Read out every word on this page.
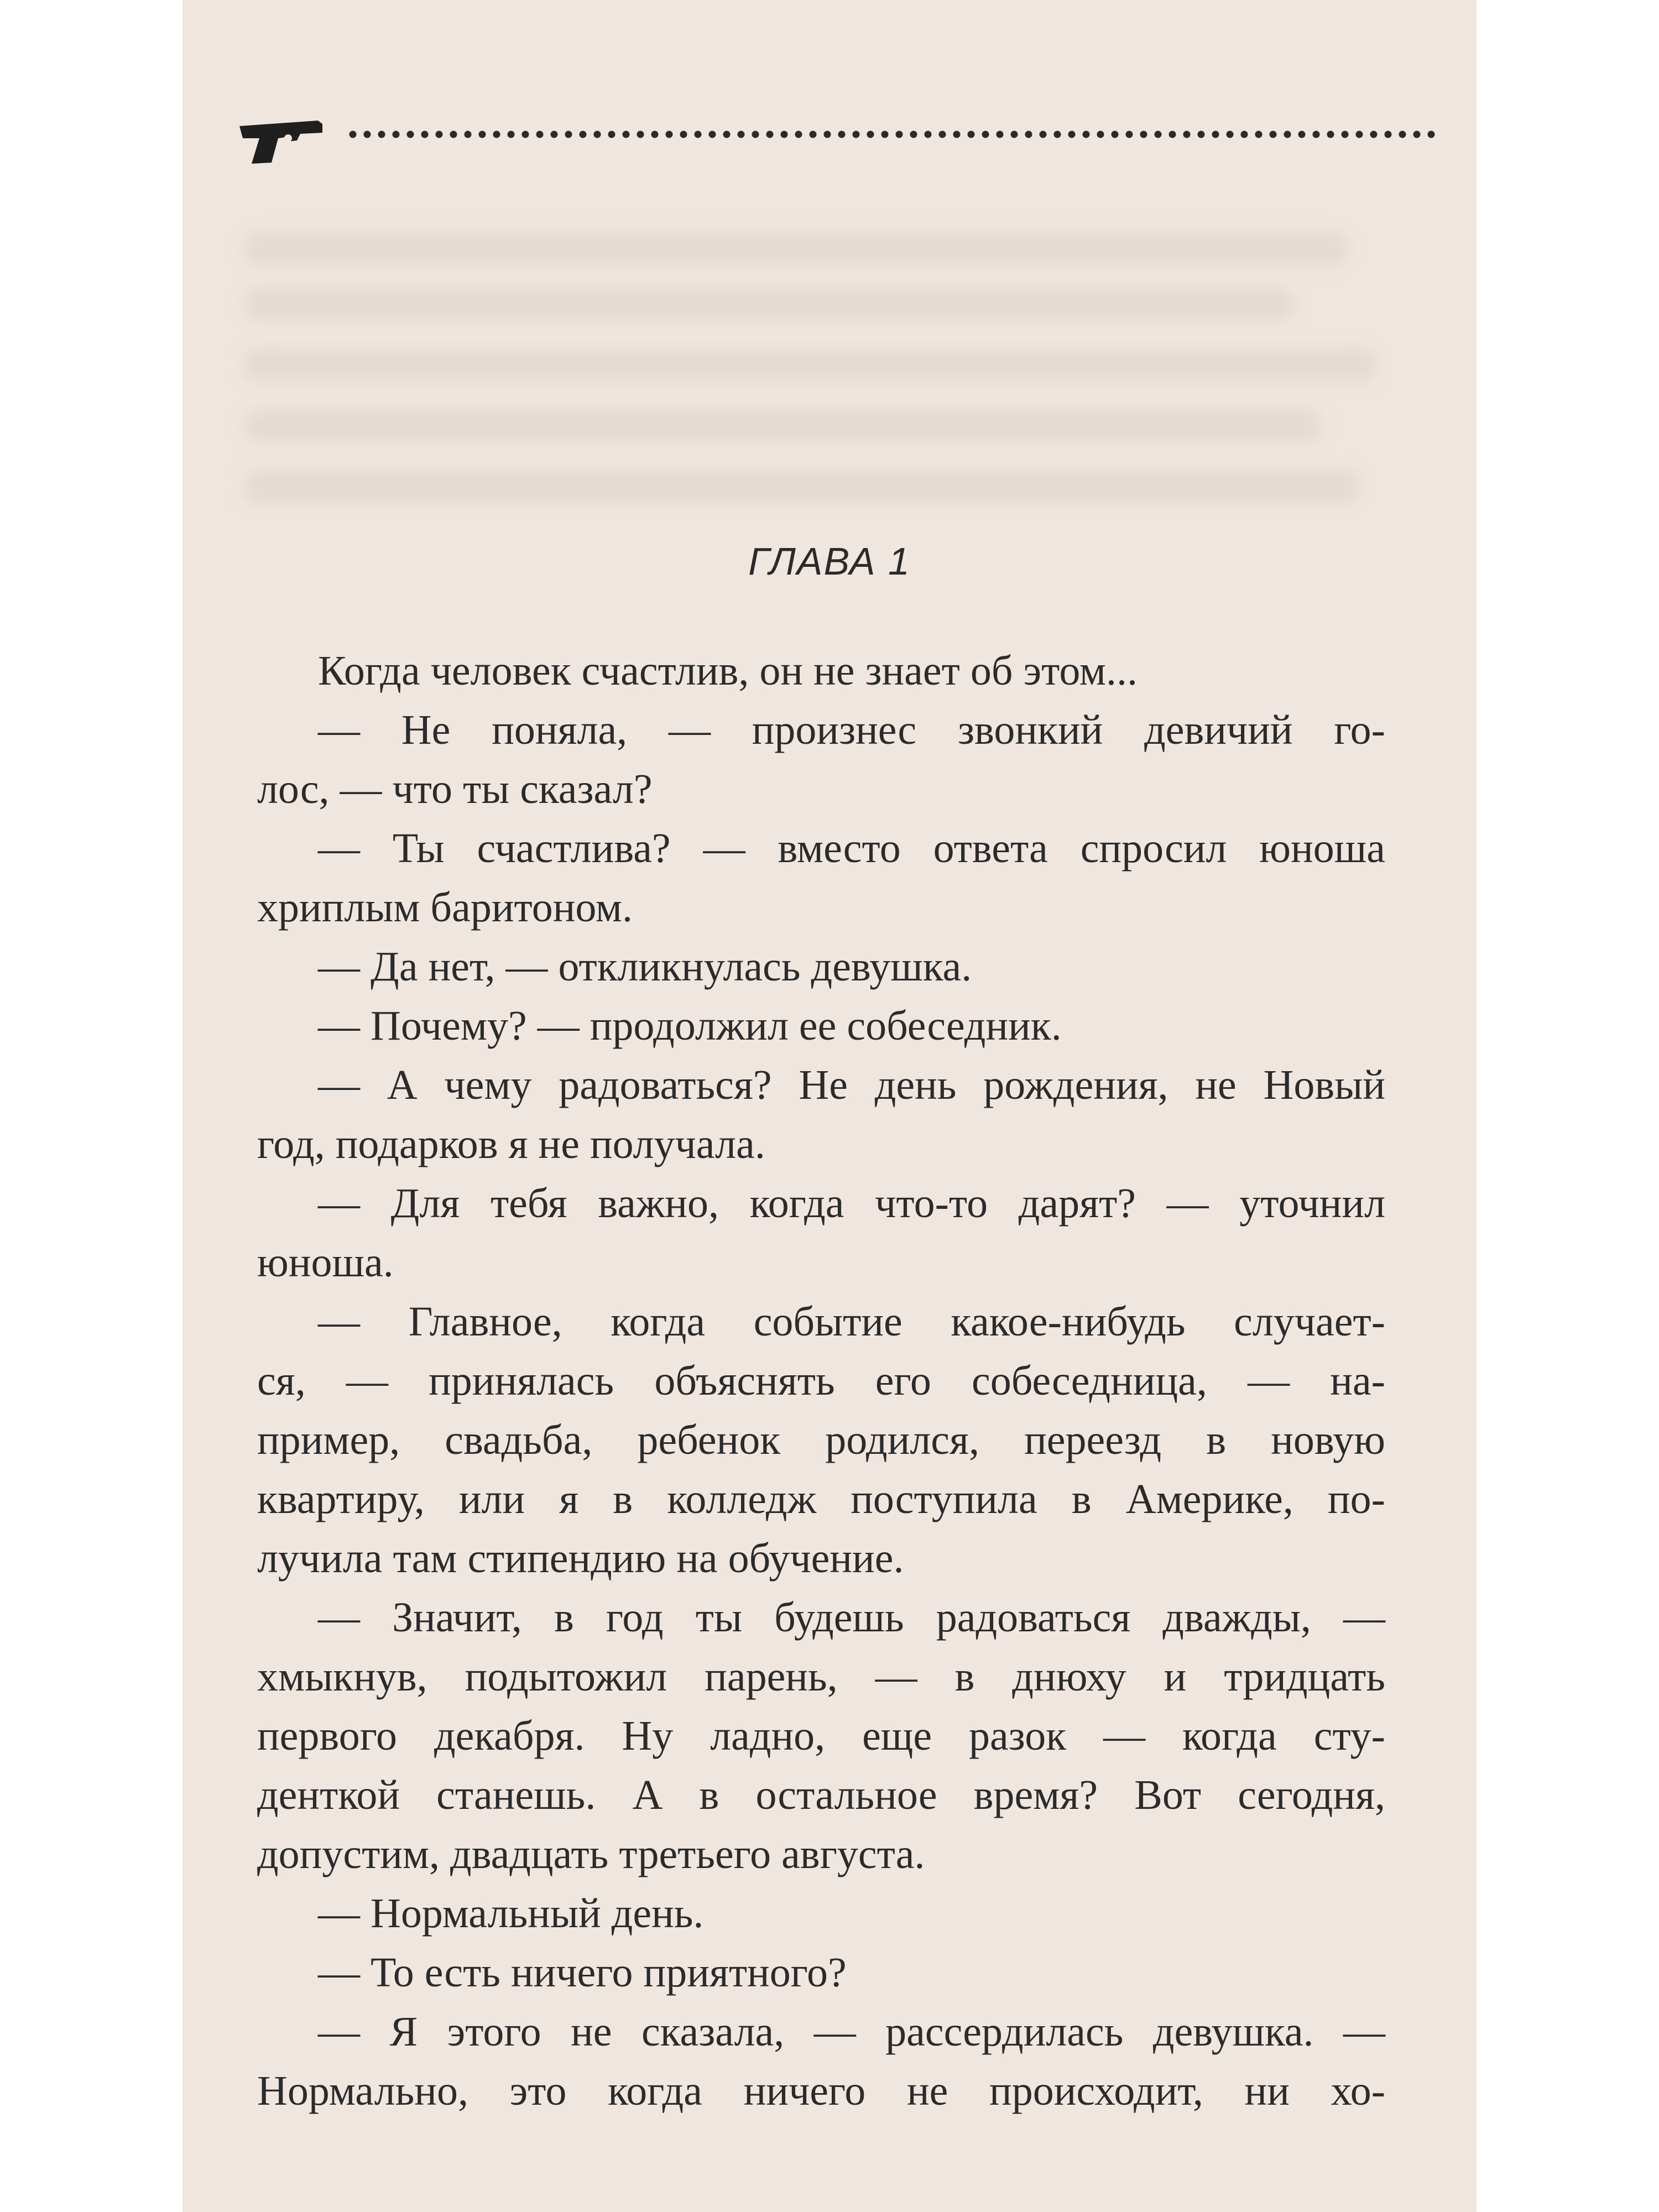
ГЛАВА 1
Когда человек счастлив, он не знает об этом...
— Не поняла, — произнес звонкий девичий го-
лос, — что ты сказал?
— Ты счастлива? — вместо ответа спросил юноша
хриплым баритоном.
— Да нет, — откликнулась девушка.
— Почему? — продолжил ее собеседник.
— А чему радоваться? Не день рождения, не Новый
год, подарков я не получала.
— Для тебя важно, когда что-то дарят? — уточнил
юноша.
— Главное, когда событие какое-нибудь случает-
ся, — принялась объяснять его собеседница, — на-
пример, свадьба, ребенок родился, переезд в новую
квартиру, или я в колледж поступила в Америке, по-
лучила там стипендию на обучение.
— Значит, в год ты будешь радоваться дважды, —
хмыкнув, подытожил парень, — в днюху и тридцать
первого декабря. Ну ладно, еще разок — когда сту-
денткой станешь. А в остальное время? Вот сегодня,
допустим, двадцать третьего августа.
— Нормальный день.
— То есть ничего приятного?
— Я этого не сказала, — рассердилась девушка. —
Нормально, это когда ничего не происходит, ни хо-
